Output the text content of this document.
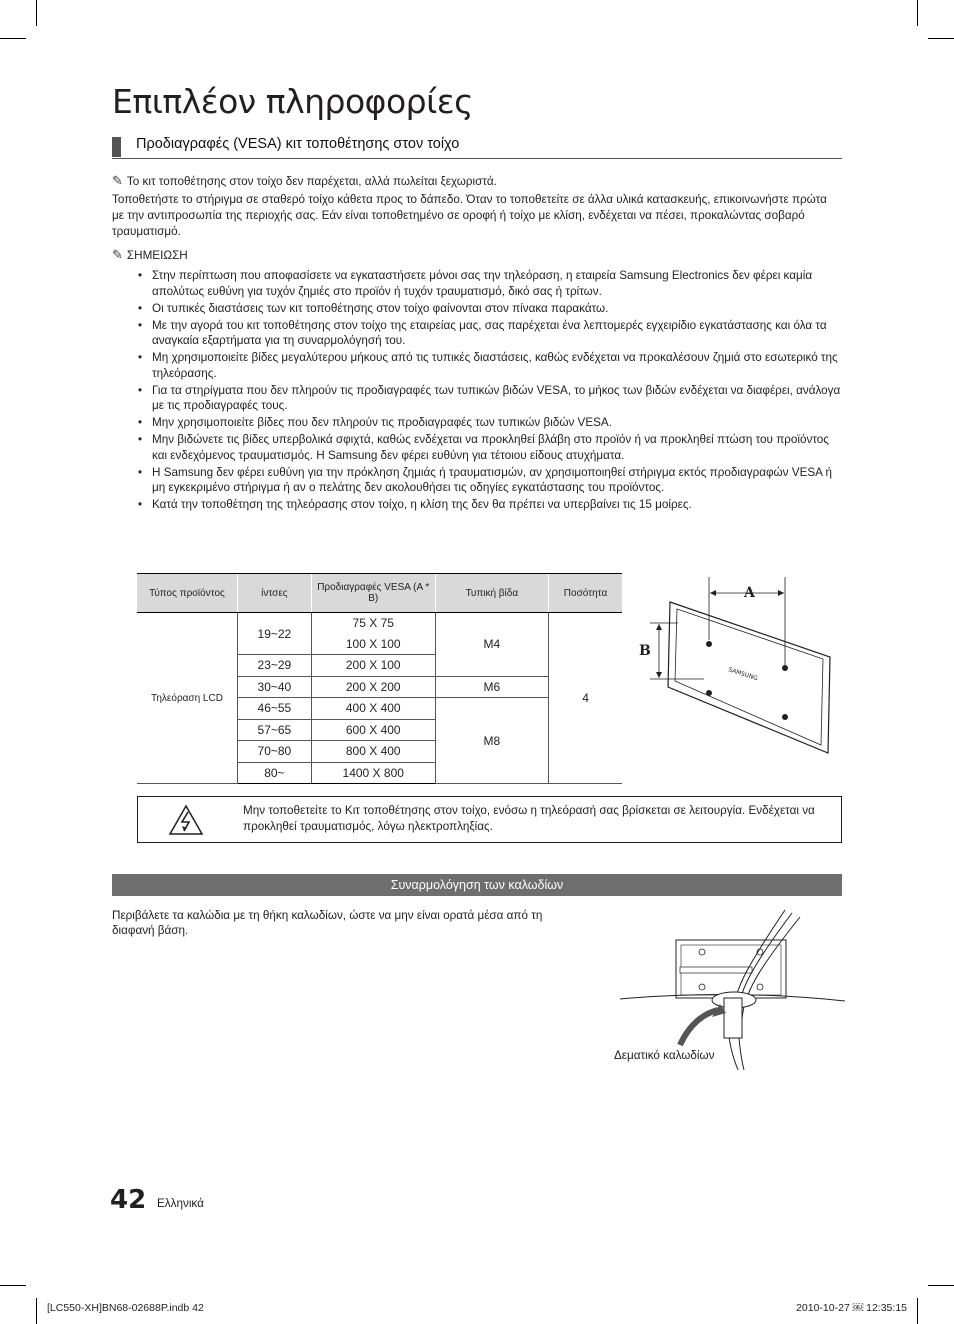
Επιπλέον πληροφορίες
Προδιαγραφές (VESA) κιτ τοποθέτησης στον τοίχο
✎ Το κιτ τοποθέτησης στον τοίχο δεν παρέχεται, αλλά πωλείται ξεχωριστά.
Τοποθετήστε το στήριγμα σε σταθερό τοίχο κάθετα προς το δάπεδο. Όταν το τοποθετείτε σε άλλα υλικά κατασκευής, επικοινωνήστε πρώτα με την αντιπροσωπία της περιοχής σας. Εάν είναι τοποθετημένο σε οροφή ή τοίχο με κλίση, ενδέχεται να πέσει, προκαλώντας σοβαρό τραυματισμό.
✎ ΣΗΜΕΙΩΣΗ
• Στην περίπτωση που αποφασίσετε να εγκαταστήσετε μόνοι σας την τηλεόραση, η εταιρεία Samsung Electronics δεν φέρει καμία απολύτως ευθύνη για τυχόν ζημιές στο προϊόν ή τυχόν τραυματισμό, δικό σας ή τρίτων.
• Οι τυπικές διαστάσεις των κιτ τοποθέτησης στον τοίχο φαίνονται στον πίνακα παρακάτω.
• Με την αγορά του κιτ τοποθέτησης στον τοίχο της εταιρείας μας, σας παρέχεται ένα λεπτομερές εγχειρίδιο εγκατάστασης και όλα τα αναγκαία εξαρτήματα για τη συναρμολόγησή του.
• Μη χρησιμοποιείτε βίδες μεγαλύτερου μήκους από τις τυπικές διαστάσεις, καθώς ενδέχεται να προκαλέσουν ζημιά στο εσωτερικό της τηλεόρασης.
• Για τα στηρίγματα που δεν πληρούν τις προδιαγραφές των τυπικών βιδών VESA, το μήκος των βιδών ενδέχεται να διαφέρει, ανάλογα με τις προδιαγραφές τους.
• Μην χρησιμοποιείτε βίδες που δεν πληρούν τις προδιαγραφές των τυπικών βιδών VESA.
• Μην βιδώνετε τις βίδες υπερβολικά σφιχτά, καθώς ενδέχεται να προκληθεί βλάβη στο προϊόν ή να προκληθεί πτώση του προϊόντος και ενδεχόμενος τραυματισμός. Η Samsung δεν φέρει ευθύνη για τέτοιου είδους ατυχήματα.
• Η Samsung δεν φέρει ευθύνη για την πρόκληση ζημιάς ή τραυματισμών, αν χρησιμοποιηθεί στήριγμα εκτός προδιαγραφών VESA ή μη εγκεκριμένο στήριγμα ή αν ο πελάτης δεν ακολουθήσει τις οδηγίες εγκατάστασης του προϊόντος.
• Κατά την τοποθέτηση της τηλεόρασης στον τοίχο, η κλίση της δεν θα πρέπει να υπερβαίνει τις 15 μοίρες.
Τύπος προϊόντος	ίντσες	Προδιαγραφές VESA (A * B)	Τυπική βίδα	Ποσότητα
Τηλεόραση LCD	19~22	75 X 75	M4	4
		100 X 100		
	23~29	200 X 100		
	30~40	200 X 200	M6	
	46~55	400 X 400	M8	
	57~65	600 X 400		
	70~80	800 X 400		
	80~	1400 X 800		
A
B
SAMSUNG
Μην τοποθετείτε το Κιτ τοποθέτησης στον τοίχο, ενόσω η τηλεόρασή σας βρίσκεται σε λειτουργία. Ενδέχεται να προκληθεί τραυματισμός, λόγω ηλεκτροπληξίας.
Συναρμολόγηση των καλωδίων
Περιβάλετε τα καλώδια με τη θήκη καλωδίων, ώστε να μην είναι ορατά μέσα από τη διαφανή βάση.
Δεματικό καλωδίων
42 Ελληνικά
[LC550-XH]BN68-02688P.indb 42	2010-10-27 ￼ 12:35:15
